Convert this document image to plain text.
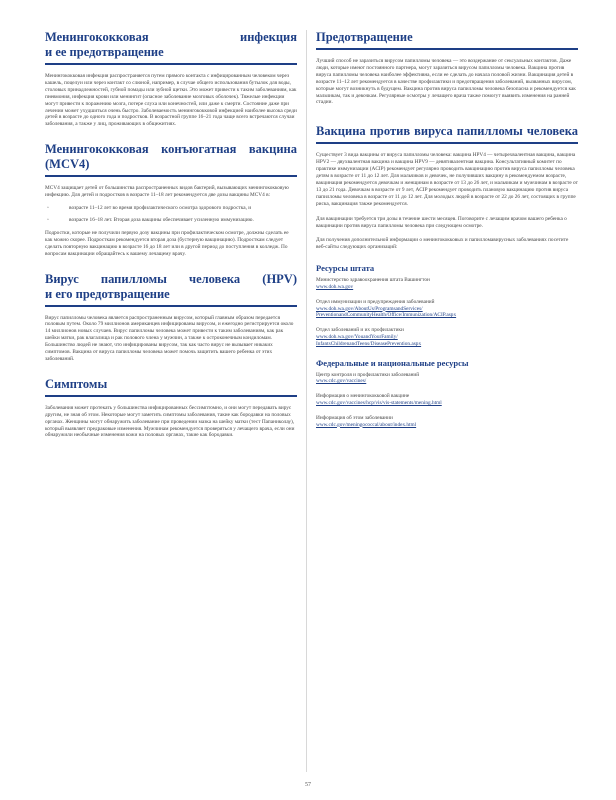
Менингококковая инфекция
и ее предотвращение

Менингококковая инфекция распространяется путем прямого контакта с инфицированным человеком через кашель, поцелуи или через контакт со слюной, например, в случае общего использования бутылок для воды, столовых принадлежностей, губной помады или зубной щетки. Это может привести к таким заболеваниям, как пневмония, инфекция крови или менингит (опасное заболевание мозговых оболочек). Тяжелые инфекции могут привести к поражению мозга, потере слуха или конечностей, или даже к смерти. Состояние даже при лечении может ухудшиться очень быстро. Заболеваемость менингококковой инфекцией наиболее высока среди детей в возрасте до одного года и подростков. В возрастной группе 16–21 года чаще всего встречаются случаи заболевания, а также у лиц, проживающих в общежитиях.

Менингококковая конъюгатная вакцина (MCV4)

MCV4 защищает детей от большинства распространенных видов бактерий, вызывающих менингококковую инфекцию. Для детей и подростков в возрасте 11–18 лет рекомендуется две дозы вакцины MCV4 в:

◦	возрасте 11–12 лет во время профилактического осмотра здорового подростка, и
◦	возрасте 16–18 лет. Вторая доза вакцины обеспечивает усиленную иммунизацию.

Подростки, которые не получили первую дозу вакцины при профилактическом осмотре, должны сделать ее как можно скорее. Подросткам рекомендуется вторая доза (бустерную вакцинацию). Подросткам следует сделать повторную вакцинацию в возрасте 16 до 18 лет или в другой период до поступления в колледж. По вопросам вакцинации обращайтесь к вашему лечащему врачу.

Вирус папилломы человека (HPV)
и его предотвращение

Вирус папилломы человека является распространенным вирусом, который главным образом передается половым путем. Около 79 миллионов американцев инфицированы вирусом, и ежегодно регистрируется около 14 миллионов новых случаев. Вирус папилломы человека может привести к таким заболеваниям, как рак шейки матки, рак влагалища и рак полового члена у мужчин, а также к остроконечным кондиломам. Большинство людей не знают, что инфицированы вирусом, так как часто вирус не вызывает никаких симптомов. Вакцина от вируса папилломы человека может помочь защитить вашего ребенка от этих заболеваний.

Симптомы

Заболевания может протекать у большинства инфицированных бессимптомно, и они могут передавать вирус другим, не зная об этом. Некоторые могут заметить симптомы заболевания, такие как бородавки на половых органах. Женщины могут обнаружить заболевание при проведении мазка на шейку матки (тест Папаниколау), который выявляет предраковые изменения. Мужчинам рекомендуется проверяться у лечащего врача, если они обнаружили необычные изменения кожи на половых органах, такие как бородавки.

Предотвращение

Лучший способ не заразиться вирусом папилломы человека — это воздержание от сексуальных контактов. Даже люди, которые имеют постоянного партнера, могут заразиться вирусом папилломы человека. Вакцина против вируса папилломы человека наиболее эффективна, если ее сделать до начала половой жизни. Вакцинация детей в возрасте 11–12 лет рекомендуется в качестве профилактики и предотвращения заболеваний, вызванных вирусом, которые могут возникнуть в будущем. Вакцина против вируса папилломы человека безопасна и рекомендуется как мальчикам, так и девочкам. Регулярные осмотры у лечащего врача также помогут выявить изменения на ранней стадии.

Вакцина против вируса папилломы человека

Существует 3 вида вакцины от вируса папилломы человека: вакцина HPV4 — четырехвалентная вакцина, вакцина HPV2 — двухвалентная вакцина и вакцина HPV9 — девятивалентная вакцина. Консультативный комитет по практике иммунизации (ACIP) рекомендует регулярно проводить вакцинацию против вируса папилломы человека детям в возрасте от 11 до 12 лет. Для мальчиков и девочек, не получивших вакцину в рекомендуемом возрасте, вакцинация рекомендуется девочкам и женщинам в возрасте от 13 до 26 лет, и мальчикам и мужчинам в возрасте от 13 до 21 года. Девочкам в возрасте от 9 лет, ACIP рекомендует проводить плановую вакцинацию против вируса папилломы человека в возрасте от 11 до 12 лет. Для молодых людей в возрасте от 22 до 26 лет, состоящих в группе риска, вакцинация также рекомендуется.

Для вакцинации требуется три дозы в течение шести месяцев. Поговорите с лечащим врачом вашего ребенка о вакцинации против вируса папилломы человека при следующем осмотре.

Для получения дополнительной информации о менингококковых и папилломавирусных заболеваниях посетите веб-сайты следующих организаций:

Ресурсы штата

Министерство здравоохранения штата Вашингтон

www.doh.wa.gov

Отдел иммунизации и предупреждения заболеваний

www.doh.wa.gov/AboutUs/ProgramsandServices/
PreventionandCommunityHealth/Office/Immunization/ACIP.aspx

Отдел заболеваний и их профилактики

www.doh.wa.gov/YouandYourFamily/
InfantsChildrenandTeens/DiseasePrevention.aspx
Федеральные и национальные ресурсы

Центр контроля и профилактики заболеваний

www.cdc.gov/vaccines/

Информация о менингококковой вакцине

www.cdc.gov/vaccines/hcp/vis/vis-statements/mening.html

Информация об этом заболевании

www.cdc.gov/meningococcal/about/index.html
57
